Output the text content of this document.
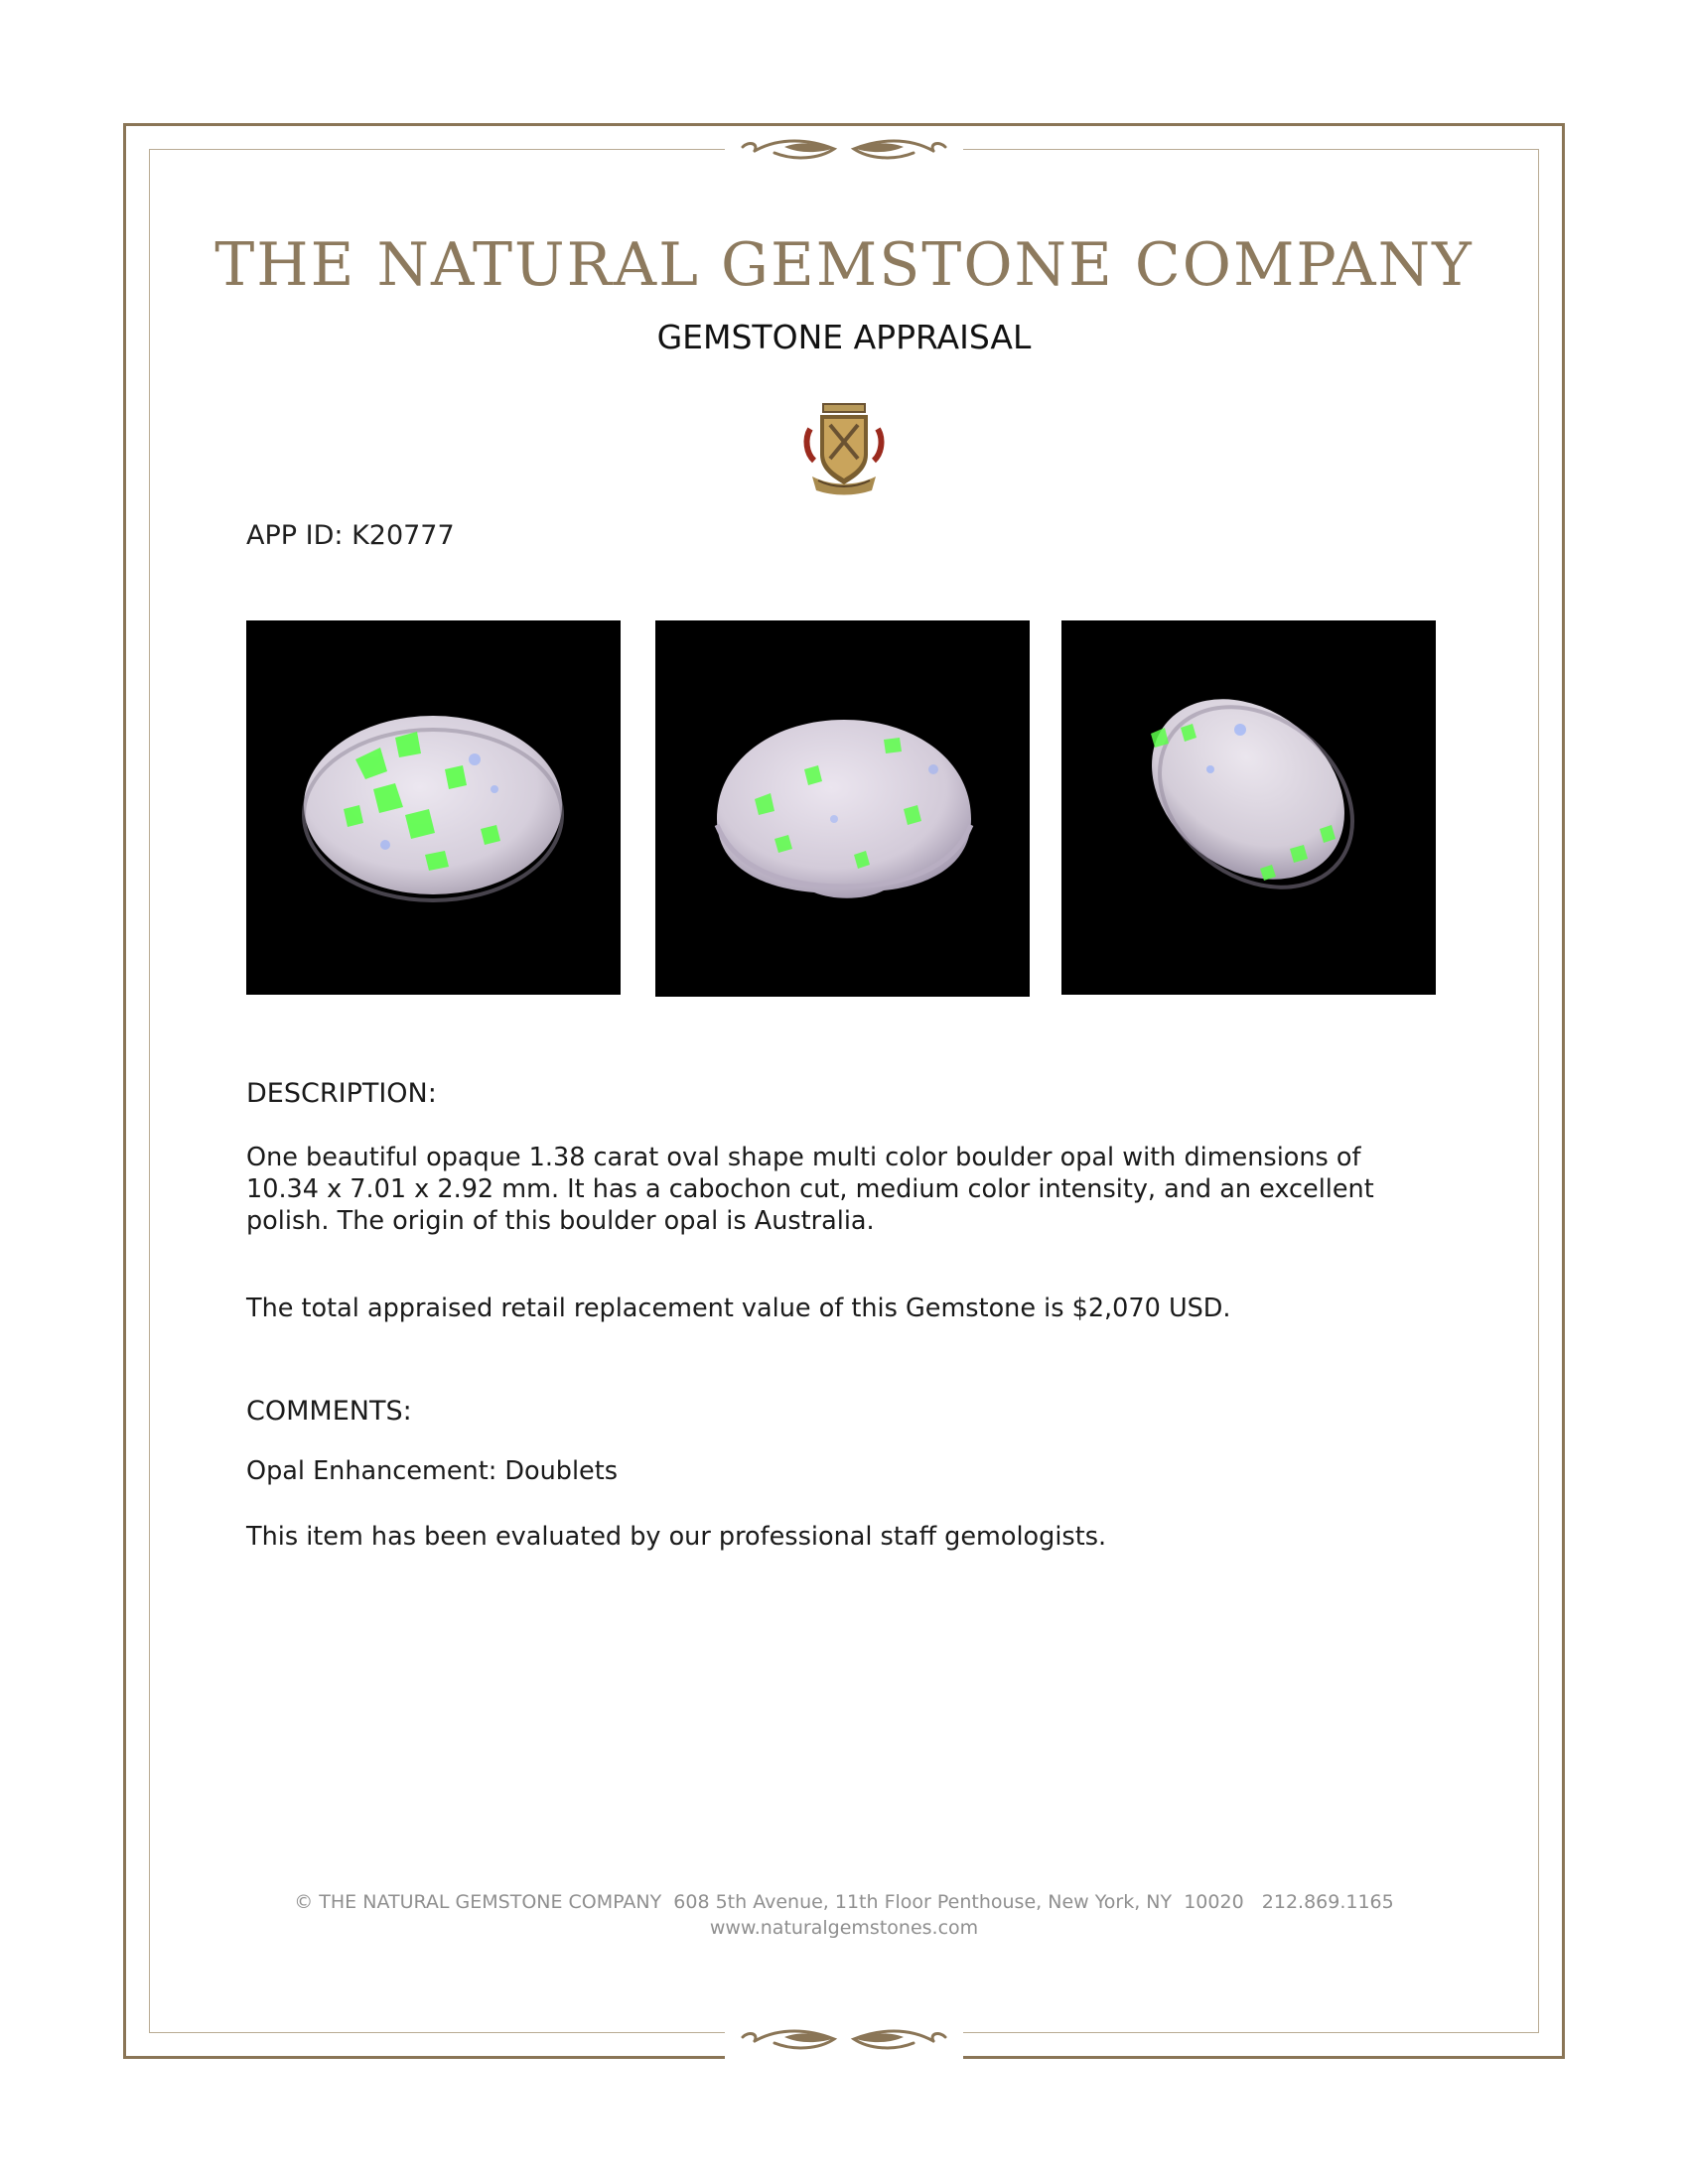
THE NATURAL GEMSTONE COMPANY
GEMSTONE APPRAISAL
APP ID: K20777
DESCRIPTION:

One beautiful opaque 1.38 carat oval shape multi color boulder opal with dimensions of 10.34 x 7.01 x 2.92 mm. It has a cabochon cut, medium color intensity, and an excellent polish. The origin of this boulder opal is Australia.

The total appraised retail replacement value of this Gemstone is $2,070 USD.

COMMENTS:

Opal Enhancement: Doublets

This item has been evaluated by our professional staff gemologists.

© THE NATURAL GEMSTONE COMPANY  608 5th Avenue, 11th Floor Penthouse, New York, NY  10020   212.869.1165
www.naturalgemstones.com
